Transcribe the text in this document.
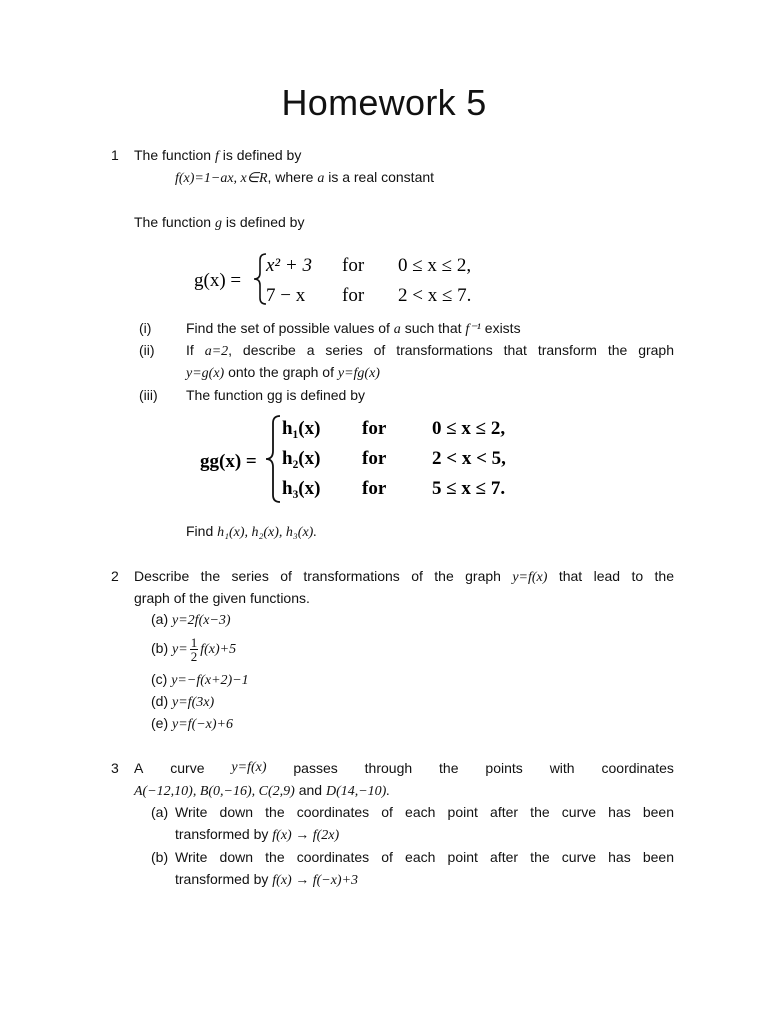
Homework 5
1 The function f is defined by
f(x)=1−ax, x∈R, where a is a real constant
The function g is defined by
g(x) =
x² + 3 for 0 ≤ x ≤ 2,
7 − x for 2 < x ≤ 7.
(i) Find the set of possible values of a such that f⁻¹ exists
(ii) If a=2, describe a series of transformations that transform the graph
y=g(x) onto the graph of y=fg(x)
(iii) The function gg is defined by
gg(x) =
h₁(x) for 0 ≤ x ≤ 2,
h₂(x) for 2 < x < 5,
h₃(x) for 5 ≤ x ≤ 7.
Find h₁(x), h₂(x), h₃(x).
2 Describe the series of transformations of the graph y=f(x) that lead to the
graph of the given functions.
(a) y=2f(x−3)
(b) $y= \frac{1}{2} f(x)+5$
(c) y=−f(x+2)−1
(d) y=f(3x)
(e) y=f(−x)+6
3 A curve y=f(x) passes through the points with coordinates
A(−12,10), B(0,−16), C(2,9) and D(14,−10).
(a) Write down the coordinates of each point after the curve has been
transformed by f(x) → f(2x)
(b) Write down the coordinates of each point after the curve has been
transformed by f(x) → f(−x)+3
